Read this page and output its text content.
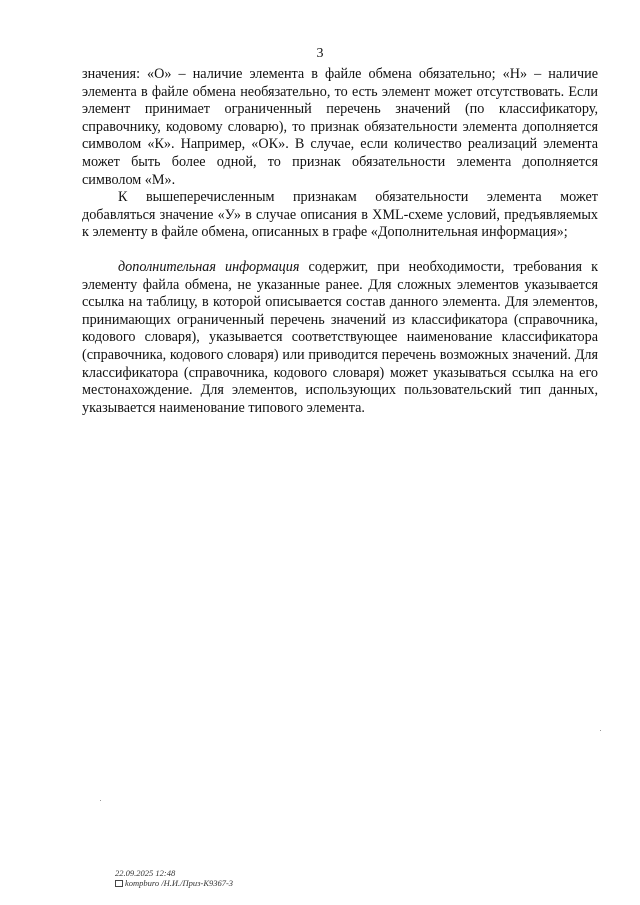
3

значения: «О» – наличие элемента в файле обмена обязательно; «Н» – наличие элемента в файле обмена необязательно, то есть элемент может отсутствовать. Если элемент принимает ограниченный перечень значений (по классификатору, справочнику, кодовому словарю), то признак обязательности элемента дополняется символом «К». Например, «ОК». В случае, если количество реализаций элемента может быть более одной, то признак обязательности элемента дополняется символом «М».

К вышеперечисленным признакам обязательности элемента может добавляться значение «У» в случае описания в XML-схеме условий, предъявляемых к элементу в файле обмена, описанных в графе «Дополнительная информация»;

дополнительная информация содержит, при необходимости, требования к элементу файла обмена, не указанные ранее. Для сложных элементов указывается ссылка на таблицу, в которой описывается состав данного элемента. Для элементов, принимающих ограниченный перечень значений из классификатора (справочника, кодового словаря), указывается соответствующее наименование классификатора (справочника, кодового словаря) или приводится перечень возможных значений. Для классификатора (справочника, кодового словаря) может указываться ссылка на его местонахождение. Для элементов, использующих пользовательский тип данных, указывается наименование типового элемента.

22.09.2025 12:48
kompburo /Н.И./Приз-К9367-3
